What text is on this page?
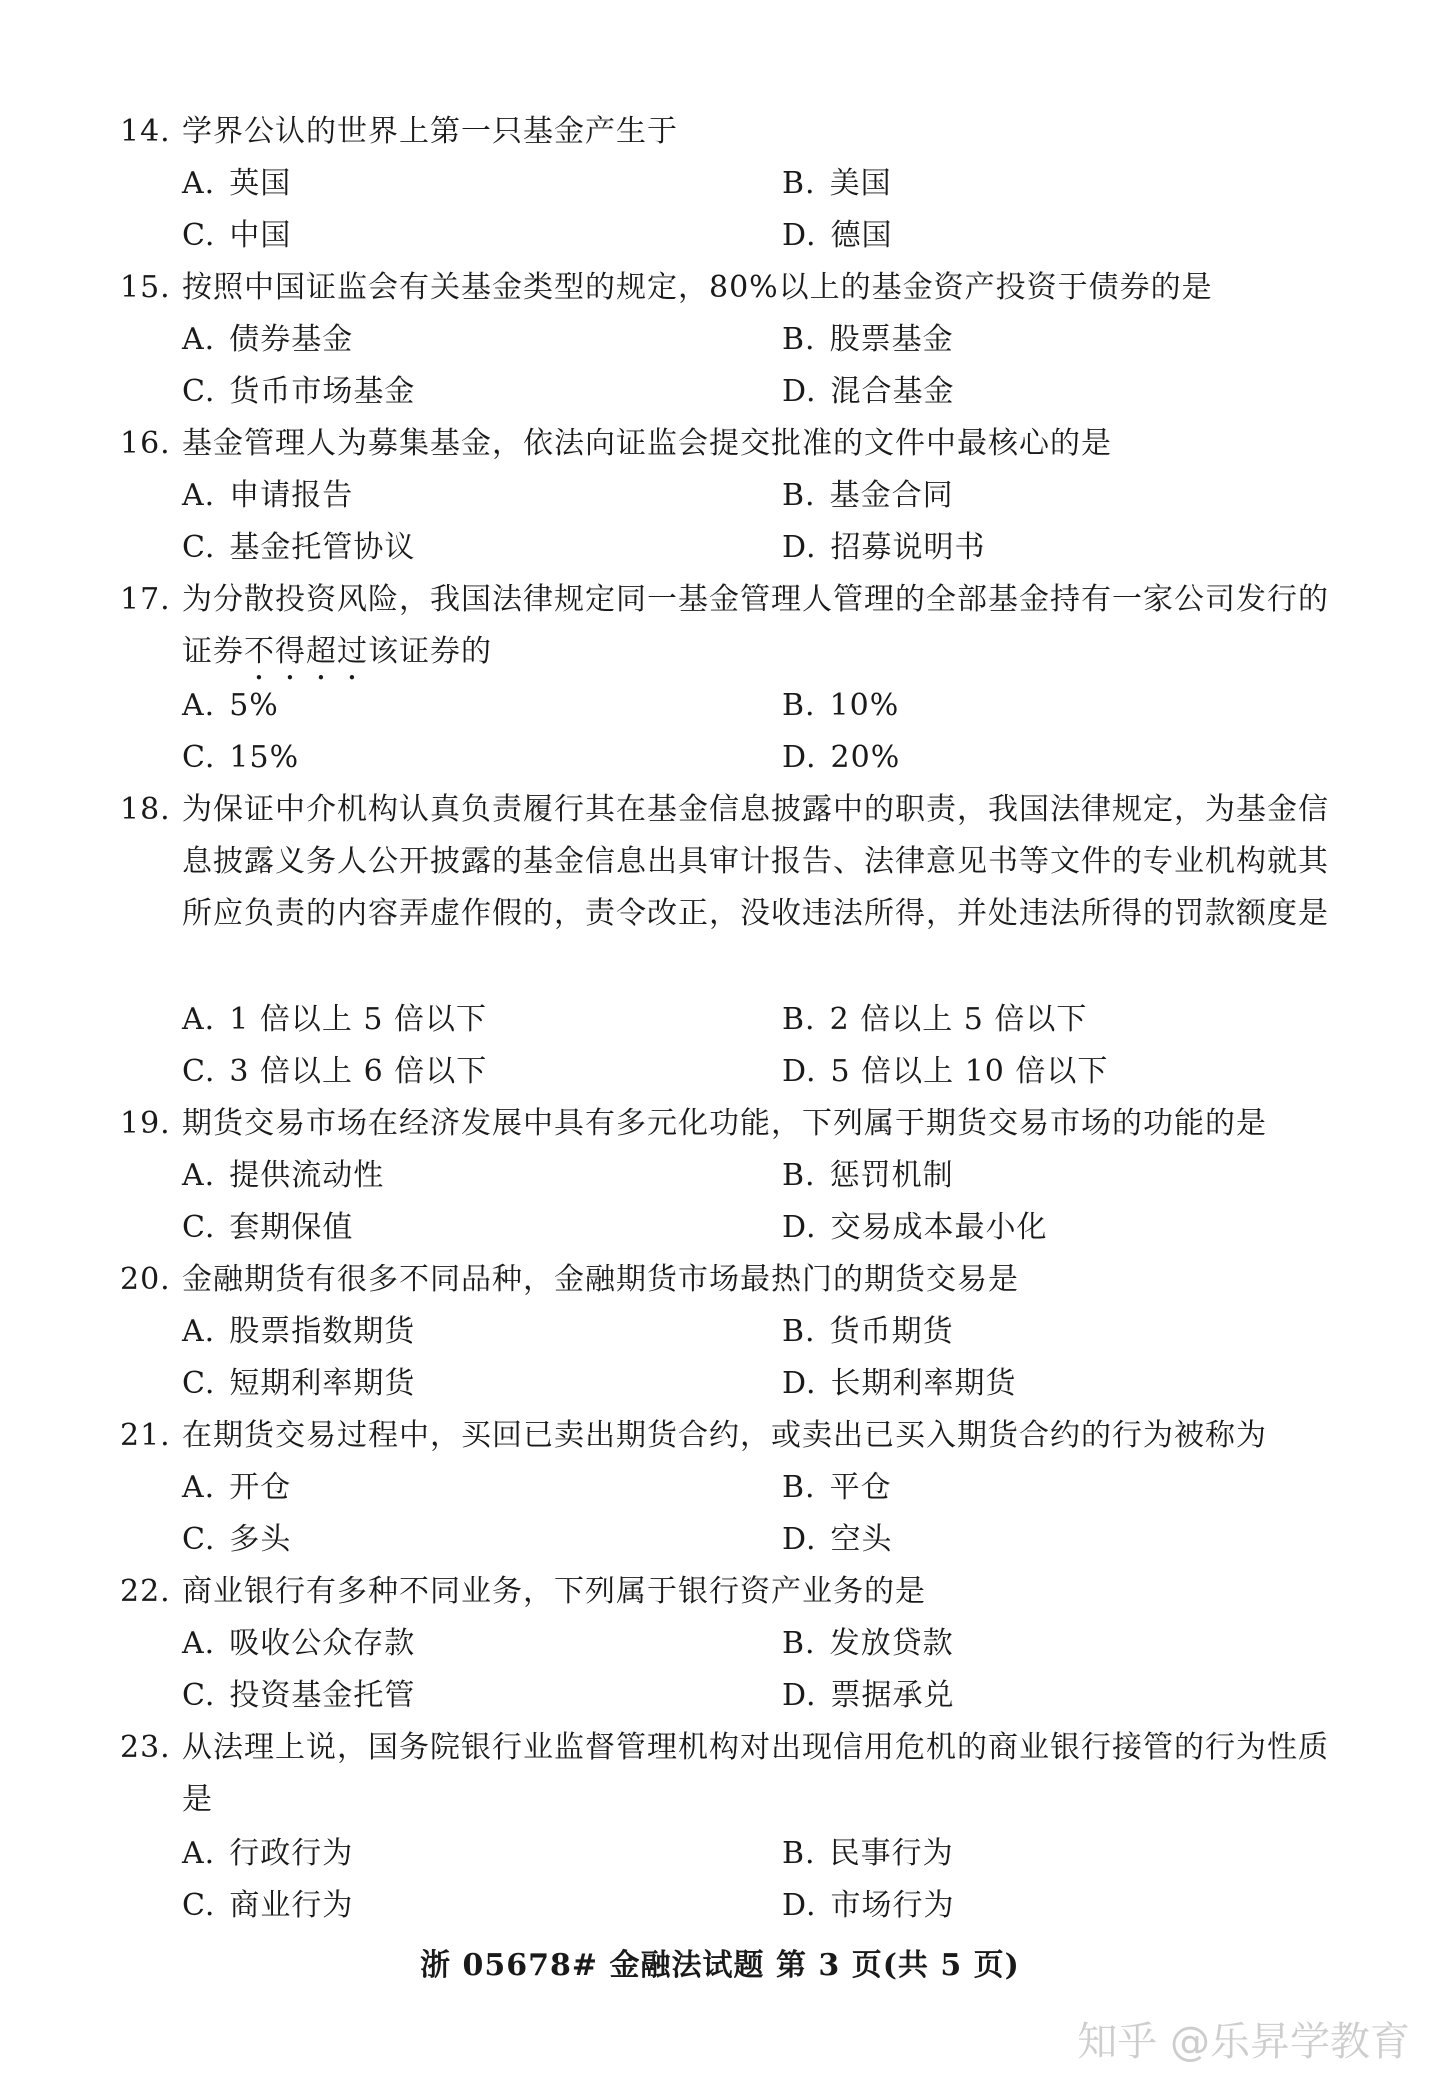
14. 学界公认的世界上第一只基金产生于
A. 英国	B. 美国
C. 中国	D. 德国
15. 按照中国证监会有关基金类型的规定，80%以上的基金资产投资于债券的是
A. 债券基金	B. 股票基金
C. 货币市场基金	D. 混合基金
16. 基金管理人为募集基金，依法向证监会提交批准的文件中最核心的是
A. 申请报告	B. 基金合同
C. 基金托管协议	D. 招募说明书
17. 为分散投资风险，我国法律规定同一基金管理人管理的全部基金持有一家公司发行的证券不得超过该证券的
A. 5%	B. 10%
C. 15%	D. 20%
18. 为保证中介机构认真负责履行其在基金信息披露中的职责，我国法律规定，为基金信息披露义务人公开披露的基金信息出具审计报告、法律意见书等文件的专业机构就其所应负责的内容弄虚作假的，责令改正，没收违法所得，并处违法所得的罚款额度是
A. 1 倍以上 5 倍以下	B. 2 倍以上 5 倍以下
C. 3 倍以上 6 倍以下	D. 5 倍以上 10 倍以下
19. 期货交易市场在经济发展中具有多元化功能，下列属于期货交易市场的功能的是
A. 提供流动性	B. 惩罚机制
C. 套期保值	D. 交易成本最小化
20. 金融期货有很多不同品种，金融期货市场最热门的期货交易是
A. 股票指数期货	B. 货币期货
C. 短期利率期货	D. 长期利率期货
21. 在期货交易过程中，买回已卖出期货合约，或卖出已买入期货合约的行为被称为
A. 开仓	B. 平仓
C. 多头	D. 空头
22. 商业银行有多种不同业务，下列属于银行资产业务的是
A. 吸收公众存款	B. 发放贷款
C. 投资基金托管	D. 票据承兑
23. 从法理上说，国务院银行业监督管理机构对出现信用危机的商业银行接管的行为性质是
A. 行政行为	B. 民事行为
C. 商业行为	D. 市场行为
浙 05678# 金融法试题 第 3 页(共 5 页)
知乎 @乐昇学教育
